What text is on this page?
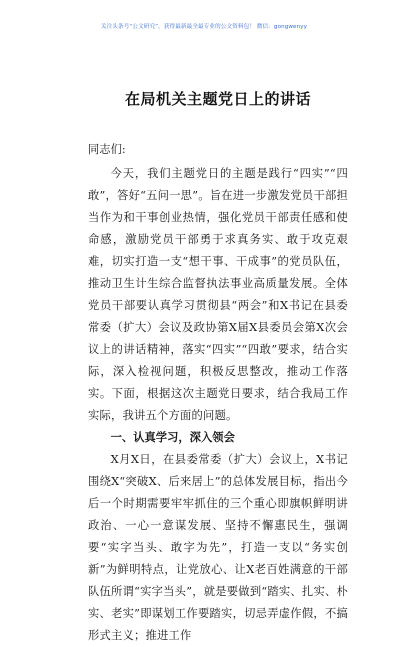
关注头条号“公文研究”，获得最新最全最专业的公文资料包！ 微信：gongwenyy
在局机关主题党日上的讲话

同志们:

今天，我们主题党日的主题是践行“四实”“四敢”，答好“五问一思”。旨在进一步激发党员干部担当作为和干事创业热情，强化党员干部责任感和使命感，激励党员干部勇于求真务实、敢于攻克艰难，切实打造一支“想干事、干成事”的党员队伍，推动卫生计生综合监督执法事业高质量发展。全体党员干部要认真学习贯彻县“两会”和X书记在县委常委（扩大）会议及政协第X届X县委员会第X次会议上的讲话精神，落实“四实”“四敢”要求，结合实际，深入检视问题，积极反思整改，推动工作落实。下面，根据这次主题党日要求，结合我局工作实际，我讲五个方面的问题。

一、认真学习，深入领会

X月X日，在县委常委（扩大）会议上，X书记围绕X“突破X、后来居上”的总体发展目标，指出今后一个时期需要牢牢抓住的三个重心即旗帜鲜明讲政治、一心一意谋发展、坚持不懈惠民生，强调要“实字当头、敢字为先”，打造一支以“务实创新”为鲜明特点，让党放心、让X老百姓满意的干部队伍所谓“实字当头”，就是要做到“踏实、扎实、朴实、老实”即谋划工作要踏实，切忌弄虚作假，不搞形式主义；推进工作
